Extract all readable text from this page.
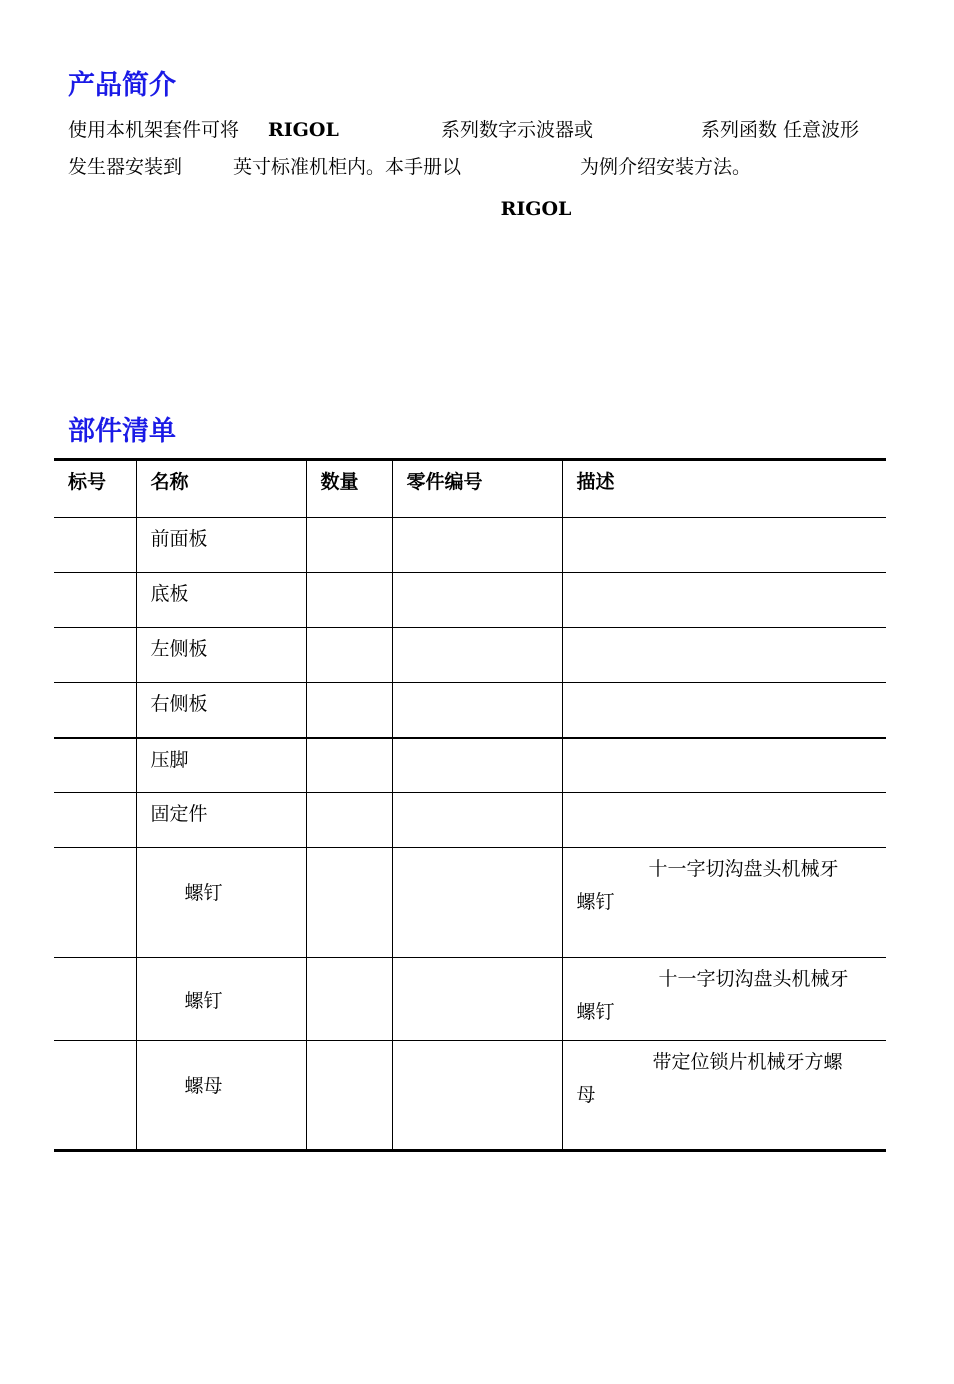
产品简介
使用本机架套件可将 RIGOL	系列数字示波器或	系列函数 任意波形
发生器安装到	英寸标准机柜内。本手册以	为例介绍安装方法。
RIGOL
部件清单
标号	名称	数量	零件编号	描述
	前面板			
	底板			
	左侧板			
	右侧板			
	压脚			
	固定件			
	螺钉			十一字切沟盘头机械牙
螺钉

	螺钉			十一字切沟盘头机械牙
螺钉

	螺母			带定位锁片机械牙方螺
母
